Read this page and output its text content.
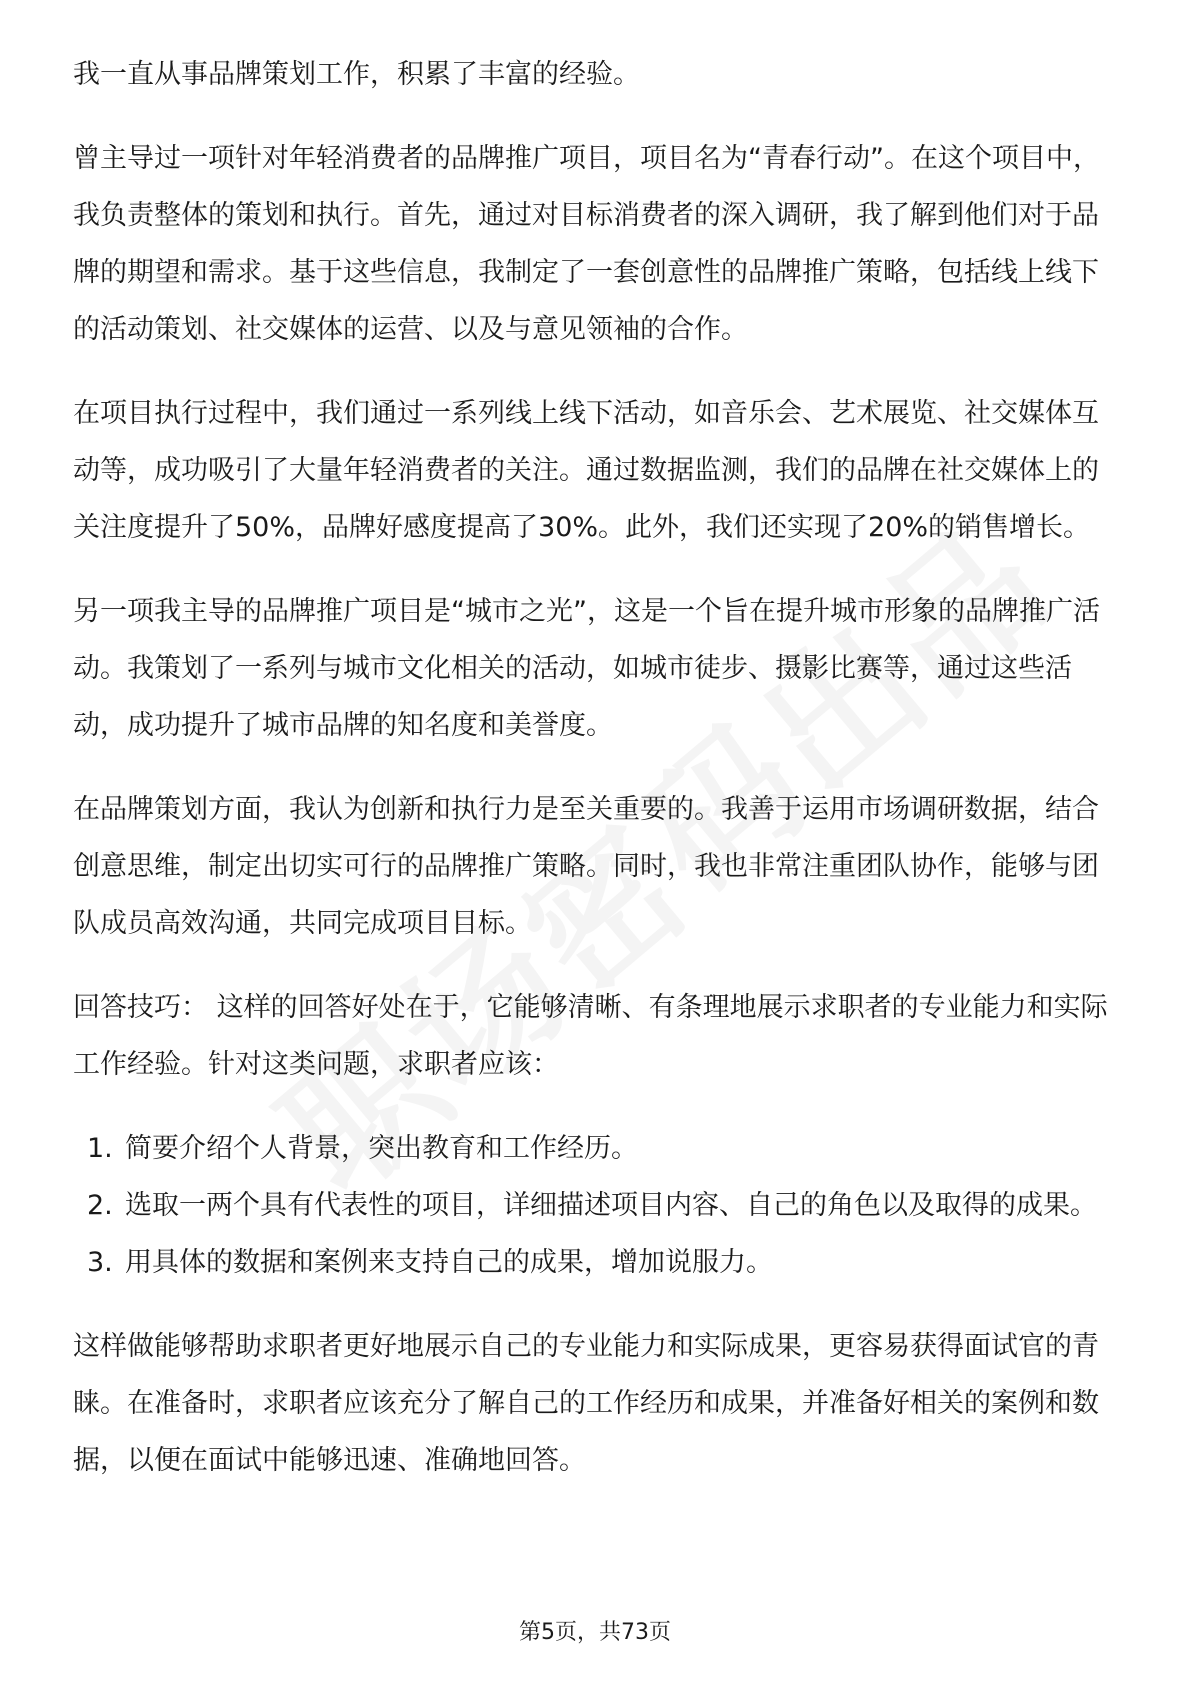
我一直从事品牌策划工作，积累了丰富的经验。

曾主导过一项针对年轻消费者的品牌推广项目，项目名为“青春行动”。在这个项目中，我负责整体的策划和执行。首先，通过对目标消费者的深入调研，我了解到他们对于品牌的期望和需求。基于这些信息，我制定了一套创意性的品牌推广策略，包括线上线下的活动策划、社交媒体的运营、以及与意见领袖的合作。

在项目执行过程中，我们通过一系列线上线下活动，如音乐会、艺术展览、社交媒体互动等，成功吸引了大量年轻消费者的关注。通过数据监测，我们的品牌在社交媒体上的关注度提升了50%，品牌好感度提高了30%。此外，我们还实现了20%的销售增长。

另一项我主导的品牌推广项目是“城市之光”，这是一个旨在提升城市形象的品牌推广活动。我策划了一系列与城市文化相关的活动，如城市徒步、摄影比赛等，通过这些活动，成功提升了城市品牌的知名度和美誉度。

在品牌策划方面，我认为创新和执行力是至关重要的。我善于运用市场调研数据，结合创意思维，制定出切实可行的品牌推广策略。同时，我也非常注重团队协作，能够与团队成员高效沟通，共同完成项目目标。

回答技巧： 这样的回答好处在于，它能够清晰、有条理地展示求职者的专业能力和实际工作经验。针对这类问题，求职者应该：

1. 简要介绍个人背景，突出教育和工作经历。
2. 选取一两个具有代表性的项目，详细描述项目内容、自己的角色以及取得的成果。
3. 用具体的数据和案例来支持自己的成果，增加说服力。

这样做能够帮助求职者更好地展示自己的专业能力和实际成果，更容易获得面试官的青睐。在准备时，求职者应该充分了解自己的工作经历和成果，并准备好相关的案例和数据，以便在面试中能够迅速、准确地回答。

第5页，共73页
